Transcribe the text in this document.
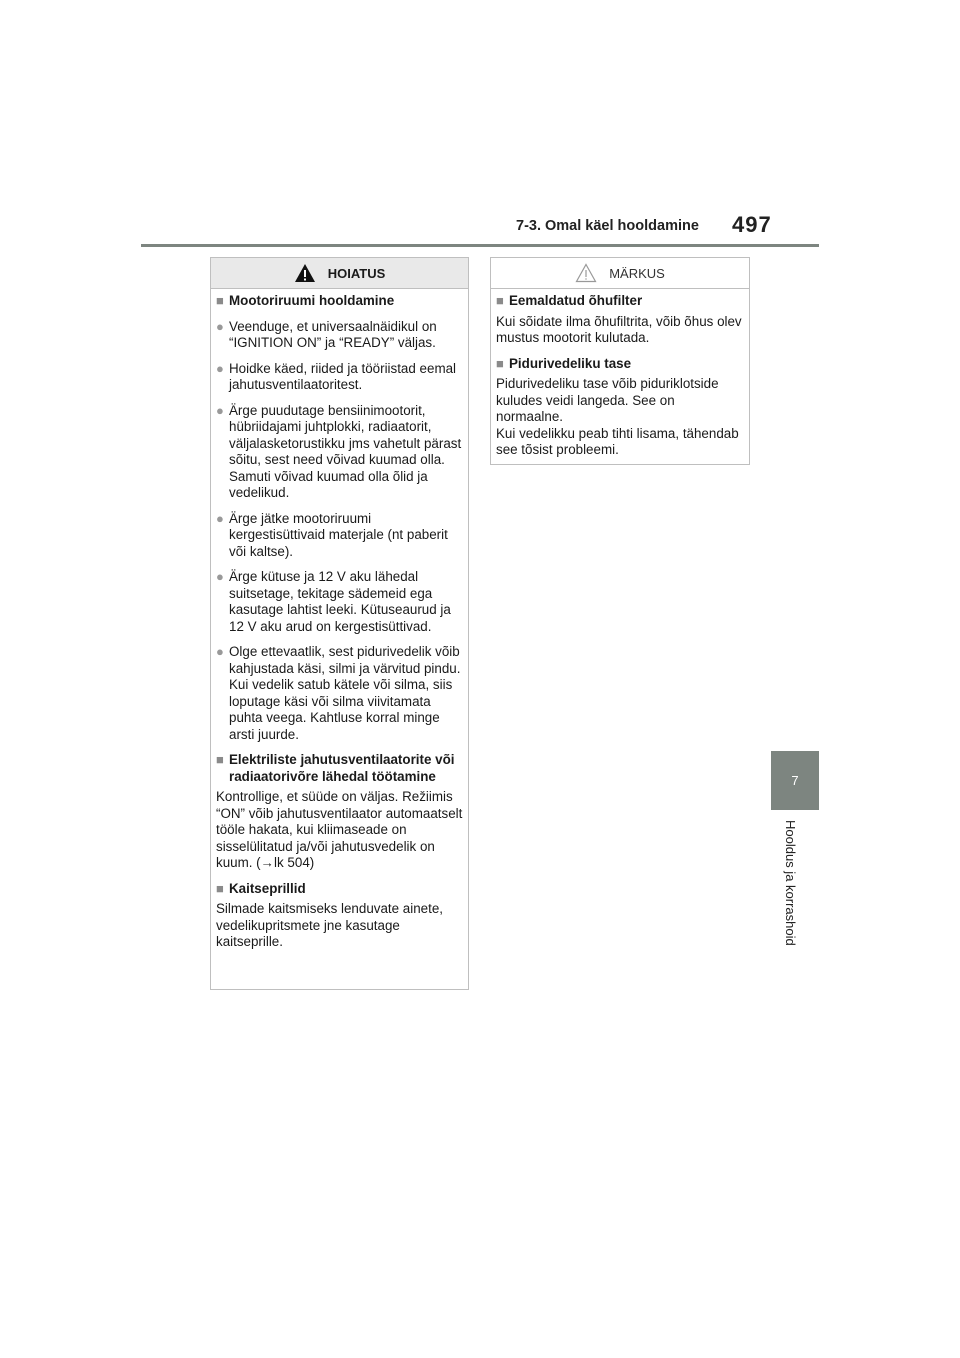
7-3. Omal käel hooldamine 497
7
Hooldus ja korrashoid
HOIATUS
■ Mootoriruumi hooldamine
● Veenduge, et universaalnäidikul on “IGNITION ON” ja “READY” väljas.
● Hoidke käed, riided ja tööriistad eemal jahutusventilaatoritest.
● Ärge puudutage bensiinimootorit, hübriidajami juhtplokki, radiaatorit, väljalasketorustikku jms vahetult pärast sõitu, sest need võivad kuumad olla. Samuti võivad kuumad olla õlid ja vedelikud.
● Ärge jätke mootoriruumi kergestisüttivaid materjale (nt paberit või kaltse).
● Ärge kütuse ja 12 V aku lähedal suitsetage, tekitage sädemeid ega kasutage lahtist leeki. Kütuseaurud ja 12 V aku arud on kergestisüttivad.
● Olge ettevaatlik, sest pidurivedelik võib kahjustada käsi, silmi ja värvitud pindu. Kui vedelik satub kätele või silma, siis loputage käsi või silma viivitamata puhta veega. Kahtluse korral minge arsti juurde.
■ Elektriliste jahutusventilaatorite või radiaatorivõre lähedal töötamine
Kontrollige, et süüde on väljas. Režiimis “ON” võib jahutusventilaator automaatselt tööle hakata, kui kliimaseade on sisselülitatud ja/või jahutusvedelik on kuum. (→lk 504)
■ Kaitseprillid
Silmade kaitsmiseks lenduvate ainete, vedelikupritsmete jne kasutage kaitseprille.
MÄRKUS
■ Eemaldatud õhufilter
Kui sõidate ilma õhufiltrita, võib õhus olev mustus mootorit kulutada.
■ Pidurivedeliku tase
Pidurivedeliku tase võib piduriklotside kuludes veidi langeda. See on normaalne.
Kui vedelikku peab tihti lisama, tähendab see tõsist probleemi.
